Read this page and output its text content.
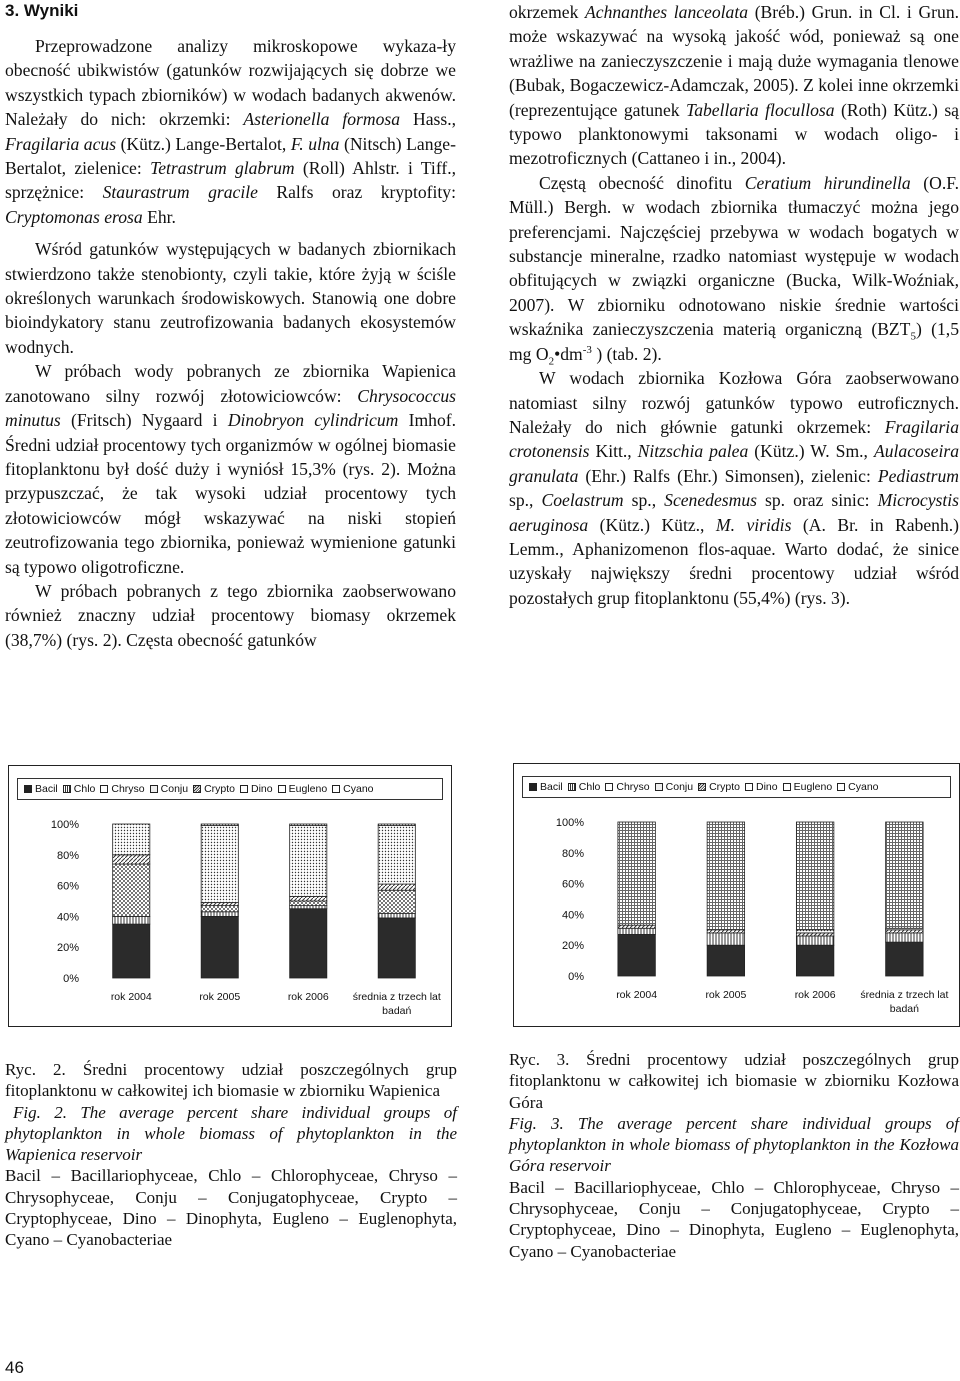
3. Wyniki

Przeprowadzone analizy mikroskopowe wykaza-ły obecność ubikwistów (gatunków rozwijających się dobrze we wszystkich typach zbiorników) w wodach badanych akwenów. Należały do nich: okrzemki: Asterionella formosa Hass., Fragilaria acus (Kütz.) Lange-Bertalot, F. ulna (Nitsch) Lange-Bertalot, zielenice: Tetrastrum glabrum (Roll) Ahlstr. i Tiff., sprzężnice: Staurastrum gracile Ralfs oraz kryptofity: Cryptomonas erosa Ehr.

Wśród gatunków występujących w badanych zbiornikach stwierdzono także stenobionty, czyli takie, które żyją w ściśle określonych warunkach środowiskowych. Stanowią one dobre bioindykatory stanu zeutrofizowania badanych ekosystemów wodnych.

W próbach wody pobranych ze zbiornika Wapienica zanotowano silny rozwój złotowiciowców: Chrysococcus minutus (Fritsch) Nygaard i Dinobryon cylindricum Imhof. Średni udział procentowy tych organizmów w ogólnej biomasie fitoplanktonu był dość duży i wyniósł 15,3% (rys. 2). Można przypuszczać, że tak wysoki udział procentowy tych złotowiciowców mógł wskazywać na niski stopień zeutrofizowania tego zbiornika, ponieważ wymienione gatunki są typowo oligotroficzne.

W próbach pobranych z tego zbiornika zaobserwowano również znaczny udział procentowy biomasy okrzemek (38,7%) (rys. 2). Częsta obecność gatunków

okrzemek Achnanthes lanceolata (Bréb.) Grun. in Cl. i Grun. może wskazywać na wysoką jakość wód, ponieważ są one wrażliwe na zanieczyszczenie i mają duże wymagania tlenowe (Bubak, Bogaczewicz-Adamczak, 2005). Z kolei inne okrzemki (reprezentujące gatunek Tabellaria flocullosa (Roth) Kütz.) są typowo planktonowymi taksonami w wodach oligo- i mezotroficznych (Cattaneo i in., 2004).

Częstą obecność dinofitu Ceratium hirundinella (O.F. Müll.) Bergh. w wodach zbiornika tłumaczyć można jego preferencjami. Najczęściej przebywa w wodach bogatych w substancje mineralne, rzadko natomiast występuje w wodach obfitujących w związki organiczne (Bucka, Wilk-Woźniak, 2007). W zbiorniku odnotowano niskie średnie wartości wskaźnika zanieczyszczenia materią organiczną $(BZT_5)$ (1,5 mg $O_2•dm^{-3}$ ) (tab. 2).

W wodach zbiornika Kozłowa Góra zaobserwowano natomiast silny rozwój gatunków typowo eutroficznych. Należały do nich głównie gatunki okrzemek: Fragilaria crotonensis Kitt., Nitzschia palea (Kütz.) W. Sm., Aulacoseira granulata (Ehr.) Ralfs (Ehr.) Simonsen), zielenic: Pediastrum sp., Coelastrum sp., Scenedesmus sp. oraz sinic: Microcystis aeruginosa (Kütz.) Kütz., M. viridis (A. Br. in Rabenh.) Lemm., Aphanizomenon flos-aquae. Warto dodać, że sinice uzyskały największy średni procentowy udział wśród pozostałych grup fitoplanktonu (55,4%) (rys. 3).

Bacil Chlo Chryso Conju Crypto Dino Eugleno Cyano
0%
20%
40%
60%
80%
100%
rok 2004	rok 2005	rok 2006 średnia z trzech lat badań
Bacil Chlo Chryso Conju Crypto Dino Eugleno Cyano
0%
20%
40%
60%
80%
100%
rok 2004	rok 2005	rok 2006 średnia z trzech lat badań

Ryc. 2. Średni procentowy udział poszczególnych grup fitoplanktonu w całkowitej ich biomasie w zbiorniku Wapienica

Fig. 2. The average percent share individual groups of phytoplankton in whole biomass of phytoplankton in the Wapienica reservoir

Bacil – Bacillariophyceae, Chlo – Chlorophyceae, Chryso – Chrysophyceae, Conju – Conjugatophyceae, Crypto – Cryptophyceae, Dino – Dinophyta, Eugleno – Euglenophyta, Cyano – Cyanobacteriae

Ryc. 3. Średni procentowy udział poszczególnych grup fitoplanktonu w całkowitej ich biomasie w zbiorniku Kozłowa Góra

Fig. 3. The average percent share individual groups of phytoplankton in whole biomass of phytoplankton in the Kozłowa Góra reservoir

Bacil – Bacillariophyceae, Chlo – Chlorophyceae, Chryso – Chrysophyceae, Conju – Conjugatophyceae, Crypto – Cryptophyceae, Dino – Dinophyta, Eugleno – Euglenophyta, Cyano – Cyanobacteriae

46
